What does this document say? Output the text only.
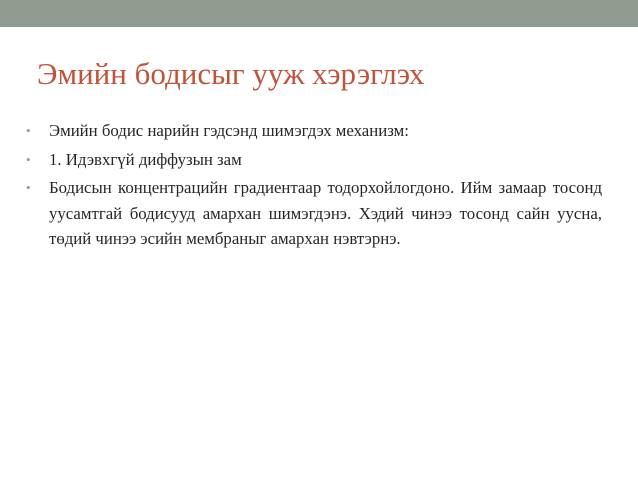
Эмийн бодисыг ууж хэрэглэх
• Эмийн бодис нарийн гэдсэнд шимэгдэх механизм:
• 1. Идэвхгүй диффузын зам
• Бодисын концентрацийн градиентаар тодорхойлогдоно. Ийм замаар тосонд уусамтгай бодисууд амархан шимэгдэнэ. Хэдий чинээ тосонд сайн уусна, төдий чинээ эсийн мембраныг амархан нэвтэрнэ.
